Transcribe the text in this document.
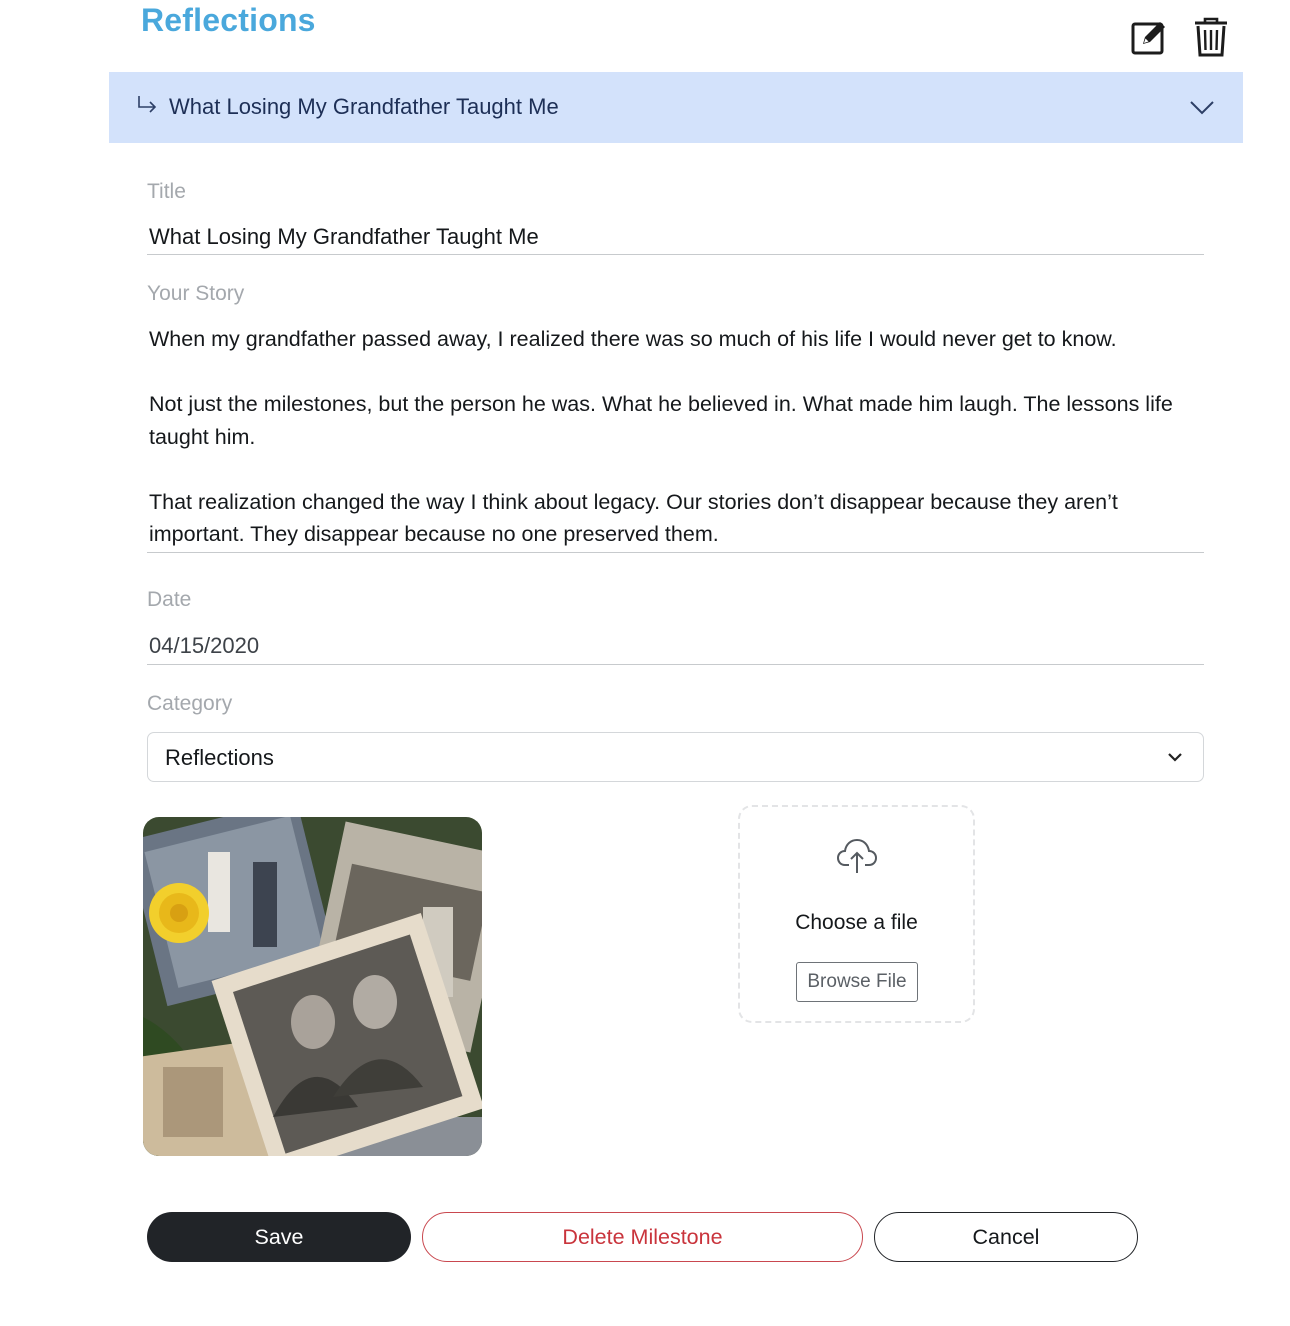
Reflections
What Losing My Grandfather Taught Me
Title
What Losing My Grandfather Taught Me
Your Story

When my grandfather passed away, I realized there was so much of his life I would never get to know.

Not just the milestones, but the person he was. What he believed in. What made him laugh. The lessons life taught him.

That realization changed the way I think about legacy. Our stories don’t disappear because they aren’t important. They disappear because no one preserved them.

Date
04/15/2020
Category
Reflections
Choose a file
Browse File
Save	Delete Milestone	Cancel
